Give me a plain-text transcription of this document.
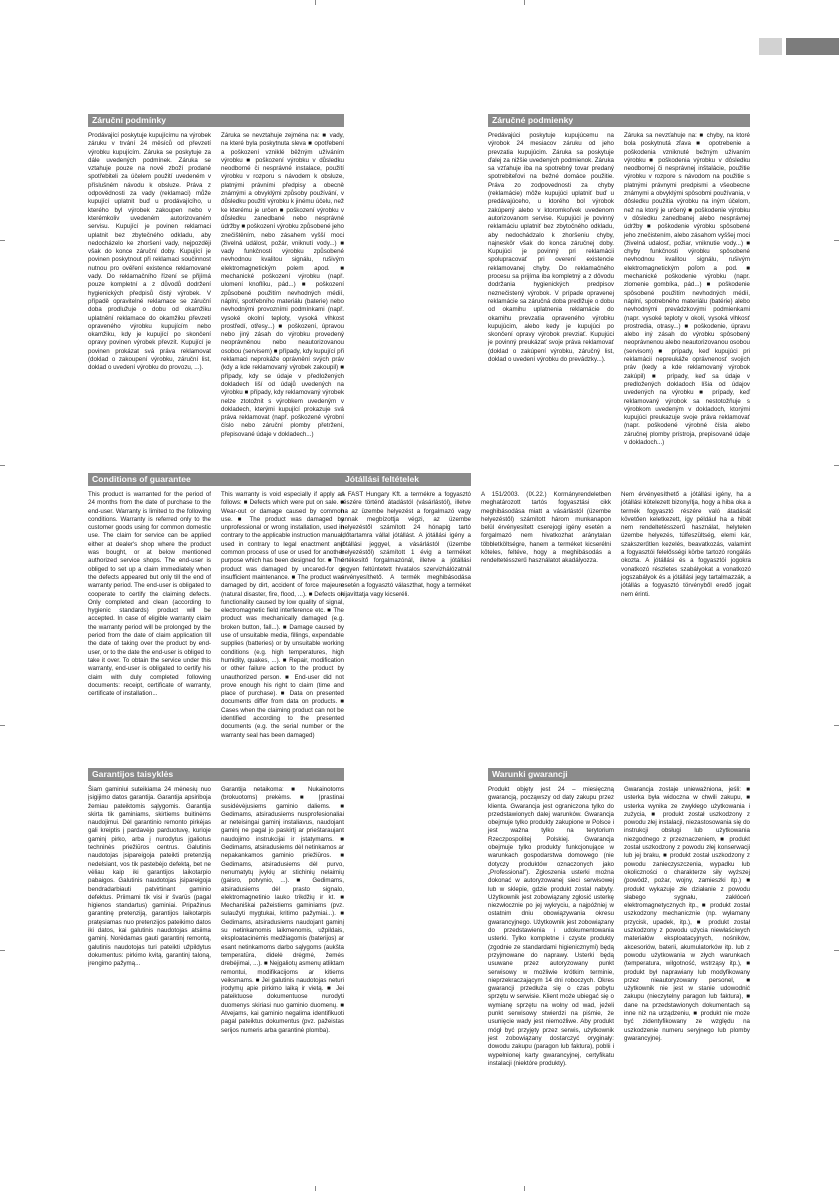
Záruční podmínky
Prodávající poskytuje kupujícímu na výrobek záruku v trvání 24 měsíců od převzetí výrobku kupujícím. Záruka se poskytuje za dále uvedených podmínek. Záruka se vztahuje pouze na nové zboží prodané spotřebiteli za účelem použití uvedeném v příslušném návodu k obsluze. Práva z odpovědnosti za vady (reklamaci) může kupující uplatnit buď u prodávajícího, u kterého byl výrobek zakoupen nebo v kterémkoliv uvedeném autorizovaném servisu. Kupující je povinen reklamaci uplatnit bez zbytečného odkladu, aby nedocházelo ke zhoršení vady, nejpozději však do konce záruční doby. Kupující je povinen poskytnout při reklamaci součinnost nutnou pro ověření existence reklamované vady. Do reklamačního řízení se přijímá pouze kompletní a z důvodů dodržení hygienických předpisů čistý výrobek. V případě opravitelné reklamace se záruční doba prodlužuje o dobu od okamžiku uplatnění reklamace do okamžiku převzetí opraveného výrobku kupujícím nebo okamžiku, kdy je kupující po skončení opravy povinen výrobek převzít. Kupující je povinen prokázat svá práva reklamovat (doklad o zakoupení výrobku, záruční list, doklad o uvedení výrobku do provozu, ...).
Záruka se nevztahuje zejména na: ■ vady, na které byla poskytnuta sleva ■ opotřebení a poškození vzniklé běžným užíváním výrobku ■ poškození výrobku v důsledku neodborné či nesprávné instalace, použití výrobku v rozporu s návodem k obsluze, platnými právními předpisy a obecně známými a obvyklými způsoby používání, v důsledku použití výrobku k jinému účelu, než ke kterému je určen ■ poškození výrobku v důsledku zanedbané nebo nesprávné údržby ■ poškození výrobku způsobené jeho znečištěním, nebo zásahem vyšší moci (živelná událost, požár, vniknutí vody...) ■ vady funkčnosti výrobku způsobené nevhodnou kvalitou signálu, rušivým elektromagnetickým polem apod. ■ mechanické poškození výrobku (např. ulomení knoflíku, pád...) ■ poškození způsobené použitím nevhodných médií, náplní, spotřebního materiálu (baterie) nebo nevhodnými provozními podmínkami (např. vysoké okolní teploty, vysoká vlhkost prostředí, otřesy...) ■ poškození, úpravou nebo jiný zásah do výrobku provedený neoprávněnou nebo neautorizovanou osobou (servisem) ■ případy, kdy kupující při reklamaci neprokáže oprávnění svých práv (kdy a kde reklamovaný výrobek zakoupil) ■ případy, kdy se údaje v předložených dokladech liší od údajů uvedených na výrobku ■ případy, kdy reklamovaný výrobek nelze ztotožnit s výrobkem uvedeným v dokladech, kterými kupující prokazuje svá práva reklamovat (např. poškozené výrobní číslo nebo záruční plomby přetržení, přepisované údaje v dokladech...)
Záručné podmienky
Predávajúci poskytuje kupujúcemu na výrobok 24 mesiacov záruku od jeho prevzatia kupujúcim. Záruka sa poskytuje ďalej za nižšie uvedených podmienok. Záruka sa vzťahuje iba na spotrebný tovar predaný spotrebiteľovi na bežné domáce použitie. Práva zo zodpovednosti za chyby (reklamácie) môže kupujúci uplatniť buď u predávajúceho, u ktorého bol výrobok zakúpený alebo v ktoromkoľvek uvedenom autorizovanom servise. Kupujúci je povinný reklamáciu uplatniť bez zbytočného odkladu, aby nedochádzalo k zhoršeniu chyby, najneskôr však do konca záručnej doby. Kupujúci je povinný pri reklamácii spolupracovať pri overení existencie reklamovanej chyby. Do reklamačného procesu sa prijíma iba kompletný a z dôvodu dodržania hygienických predpisov neznečistený výrobok. V prípade opravenej reklamácie sa záručná doba predlžuje o dobu od okamihu uplatnenia reklamácie do okamihu prevzatia opraveného výrobku kupujúcim, alebo kedy je kupujúci po skončení opravy výrobok prevziať. Kupujúci je povinný preukázať svoje práva reklamovať (doklad o zakúpení výrobku, záručný list, doklad o uvedení výrobku do prevádzky...).
Záruka sa nevzťahuje na: ■ chyby, na ktoré bola poskytnutá zľava ■ opotrebenie a poškodenia vzniknuté bežným užívaním výrobku ■ poškodenia výrobku v dôsledku neodbornej či nesprávnej inštalácie, použitie výrobku v rozpore s návodom na použitie s platnými právnymi predpismi a všeobecne známymi a obvyklými spôsobmi používania, v dôsledku použitia výrobku na iným účelom, než na ktorý je určený ■ poškodenie výrobku v dôsledku zanedbanej alebo nesprávnej údržby ■ poškodenie výrobku spôsobené jeho znečistením, alebo zásahom vyššej moci (živelná udalosť, požiar, vniknutie vody...) ■ chyby funkčnosti výrobku spôsobené nevhodnou kvalitou signálu, rušivým elektromagnetickým poľom a pod. ■ mechanické poškodenie výrobku (napr. zlomenie gombíka, pád...) ■ poškodenie spôsobené použitím nevhodných médií, náplní, spotrebného materiálu (batérie) alebo nevhodnými prevádzkovými podmienkami (napr. vysoké teploty v okolí, vysoká vlhkosť prostredia, otrasy...) ■ poškodenie, úpravu alebo iný zásah do výrobku spôsobený neoprávnenou alebo neautorizovanou osobou (servisom) ■ prípady, keď kupujúci pri reklamácii nepreukáže oprávnenosť svojich práv (kedy a kde reklamovaný výrobok zakúpil) ■ prípady, keď sa údaje v predložených dokladoch líšia od údajov uvedených na výrobku ■ prípady, keď reklamovaný výrobok sa nestotožňuje s výrobkom uvedeným v dokladoch, ktorými kupujúci preukazuje svoje práva reklamovať (napr. poškodené výrobné čísla alebo záručnej plomby prístroja, prepisované údaje v dokladoch...)
Conditions of guarantee
This product is warranted for the period of 24 months from the date of purchase to the end-user. Warranty is limited to the following conditions. Warranty is referred only to the customer goods using for common domestic use. The claim for service can be applied either at dealer's shop where the product was bought, or at below mentioned authorized service shops. The end-user is obliged to set up a claim immediately when the defects appeared but only till the end of warranty period. The end-user is obligated to cooperate to certify the claiming defects. Only completed and clean (according to hygienic standards) product will be accepted. In case of eligible warranty claim the warranty period will be prolonged by the period from the date of claim application till the date of taking over the product by end-user, or to the date the end-user is obliged to take it over. To obtain the service under this warranty, end-user is obligated to certify his claim with duly completed following documents: receipt, certificate of warranty, certificate of installation...
This warranty is void especially if apply as follows: ■ Defects which were put on sale. ■ Wear-out or damage caused by common use. ■ The product was damaged by unprofessional or wrong installation, used in contrary to the applicable instruction manual, used in contrary to legal enactment and common process of use or used for another purpose which has been designed for. ■ The product was damaged by uncared-for or insufficient maintenance. ■ The product was damaged by dirt, accident of force majeure (natural disaster, fire, flood, ...). ■ Defects on functionality caused by low quality of signal, electromagnetic field interference etc. ■ The product was mechanically damaged (e.g. broken button, fall...). ■ Damage caused by use of unsuitable media, fillings, expendable supplies (batteries) or by unsuitable working conditions (e.g. high temperatures, high humidity, quakes, ...). ■ Repair, modification or other failure action to the product by unauthorized person. ■ End-user did not prove enough his right to claim (time and place of purchase). ■ Data on presented documents differ from data on products. ■ Cases when the claiming product can not be identified according to the presented documents (e.g. the serial number or the warranty seal has been damaged)
Jótállási feltételek
A FAST Hungary Kft. a termékre a fogyasztó részére történő átadástól (vásárlástól), illetve ha az üzembe helyezést a forgalmazó vagy annak megbízottja végzi, az üzembe helyezéstől számított 24 hónapig tartó időtartamra vállal jótállást. A jótállási igény a jótállási jeggyel, a vásárlástól (üzembe helyezéstől) számított 1 évig a terméket értékesítő forgalmazónál, illetve a jótállási jegyen feltüntetett hivatalos szervizhálózatnál érvényesíthető. A termék meghibásodása esetén a fogyasztó választhat, hogy a terméket kijavíttatja vagy kicseréli.
A 151/2003. (IX.22.) Kormányrendeletben meghatározott tartós fogyasztási cikk meghibásodása miatt a vásárlástól (üzembe helyezéstől) számított három munkanapon belül érvényesített cserejogi igény esetén a forgalmazó nem hivatkozhat aránytalan többletköltségre, hanem a terméket kicserélni köteles, feltéve, hogy a meghibásodás a rendeltetésszerű használatot akadályozza.
Nem érvényesíthető a jótállási igény, ha a jótállási kötelezett bizonyítja, hogy a hiba oka a termék fogyasztó részére való átadását követően keletkezett, így például ha a hibát nem rendeltetésszerű használat, helytelen üzembe helyezés, túlfeszültség, elemi kár, szakszerűtlen kezelés, beavatkozás, valamint a fogyasztói felelősségi körbe tartozó rongálás okozta. A jótállási és a fogyasztói jogokra vonatkozó részletes szabályokat a vonatkozó jogszabályok és a jótállási jegy tartalmazzák, a jótállás a fogyasztó törvényből eredő jogait nem érinti.
Garantijos taisyklės
Šiam gaminiui suteikiama 24 mėnesių nuo įsigijimo datos garantija. Garantija apsiriboja žemiau pateiktomis sąlygomis. Garantija skirta tik gaminiams, skirtiems buitinėms naudojimui. Dėl garantinio remonto pirkėjas gali kreiptis į pardavėjo parduotuvę, kurioje gaminį pirko, arba į nurodytus įgaliotus techninės priežiūros centrus. Galutinis naudotojas įsipareigoja pateikti pretenziją nedelsiant, vos tik pastebėjo defektą, bet ne vėliau kaip iki garantijos laikotarpio pabaigos. Galutinis naudotojas įsipareigoja bendradarbiauti patvirtinant gaminio defektus. Priimami tik visi ir švarūs (pagal higienos standartus) gaminiai. Pripažinus garantinę pretenziją, garantijos laikotarpis pratęsiamas nuo pretenzijos pateikimo datos iki datos, kai galutinis naudotojas atsiima gaminį. Norėdamas gauti garantinį remontą, galutinis naudotojas turi pateikti užpildytus dokumentus: pirkimo kvitą, garantinį taloną, įrengimo pažymą...
Garantija netaikoma: ■ Nukainotoms (brokuotoms) prekėms. ■ Įprastinai susidėvėjusiems gaminio daliems. ■ Gedimams, atsiradusiems nusprofesionaliai ar neteisingai gaminį instaliavus, naudojant gaminį ne pagal jo paskirtį ar prieštaraujant naudojimo instrukcijai ir įstatymams. ■ Gedimams, atsiradusiems dėl netinkamos ar nepakankamos gaminio priežiūros. ■ Gedimams, atsiradusiems dėl purvo, nenumatytų įvykių ar stichinių nelaimių (gaisro, potvynio, ...). ■ Gedimams, atsiradusiems dėl prasto signalo, elektromagnetinio lauko trikdžių ir kt. ■ Mechaniškai pažeistiems gaminiams (pvz. sulaužyti mygtukai, kritimo pažymiai...). ■ Gedimams, atsiradusiems naudojant gaminį su netinkamomis laikmenomis, užpildais, eksploatacinėmis medžiagomis (baterijos) ar esant netinkamoms darbo sąlygoms (aukšta temperatūra, didelė drėgmė, žemės drebėjimai, ...). ■ Neįgaliotų asmenų atliktam remontui, modifikacijoms ar kitiems veiksmams. ■ Jei galutinis naudotojas neturi įrodymų apie pirkimo laiką ir vietą. ■ Jei pateiktuose dokumentuose nurodyti duomenys skiriasi nuo gaminio duomenų. ■ Atvejams, kai gaminio negalima identifikuoti pagal pateiktus dokumentus (pvz. pažeistas serijos numeris arba garantinė plomba).
Warunki gwarancji
Produkt objęty jest 24 – miesięczną gwarancją, począwszy od daty zakupu przez klienta. Gwarancja jest ograniczona tylko do przedstawionych dalej warunków. Gwarancja obejmuje tylko produkty zakupione w Polsce i jest ważna tylko na terytorium Rzeczpospolitej Polskiej. Gwarancja obejmuje tylko produkty funkcjonujące w warunkach gospodarstwa domowego (nie dotyczy produktów oznaczonych jako „Professional”). Zgłoszenia usterki można dokonać w autoryzowanej sieci serwisowej lub w sklepie, gdzie produkt został nabyty. Użytkownik jest zobowiązany zgłosić usterkę niezwłocznie po jej wykryciu, a najpóźniej w ostatnim dniu obowiązywania okresu gwarancyjnego. Użytkownik jest zobowiązany do przedstawienia i udokumentowania usterki. Tylko kompletne i czyste produkty (zgodnie ze standardami higienicznymi) będą przyjmowane do naprawy. Usterki będą usuwane przez autoryzowany punkt serwisowy w możliwie krótkim terminie, nieprzekraczającym 14 dni roboczych. Okres gwarancji przedłuża się o czas pobytu sprzętu w serwisie. Klient może ubiegać się o wymianę sprzętu na wolny od wad, jeżeli punkt serwisowy stwierdzi na piśmie, że usunięcie wady jest niemożliwe. Aby produkt mógł być przyjęty przez serwis, użytkownik jest zobowiązany dostarczyć oryginały: dowodu zakupu (paragon lub faktura), poblii i wypełnionej karty gwarancyjnej, certyfikatu instalacji (niektóre produkty).
Gwarancja zostaje unieważniona, jeśli: ■ usterka była widoczna w chwili zakupu, ■ usterka wynika ze zwykłego użytkowania i zużycia, ■ produkt został uszkodzony z powodu złej instalacji, niezastosowania się do instrukcji obsługi lub użytkowania niezgodnego z przeznaczeniem, ■ produkt został uszkodzony z powodu złej konserwacji lub jej braku, ■ produkt został uszkodzony z powodu zanieczyszczenia, wypadku lub okoliczności o charakterze siły wyższej (powódź, pożar, wojny, zamieszki itp.) ■ produkt wykazuje złe działanie z powodu słabego sygnału, zakłóceń elektromagnetycznych itp., ■ produkt został uszkodzony mechanicznie (np. wyłamany przycisk, upadek, itp.), ■ produkt został uszkodzony z powodu użycia niewłaściwych materiałów eksploatacyjnych, nośników, akcesoriów, baterii, akumulatorków itp. lub z powodu użytkowania w złych warunkach (temperatura, wilgotność, wstrząsy itp.), ■ produkt był naprawiany lub modyfikowany przez nieautoryzowany personel, ■ użytkownik nie jest w stanie udowodnić zakupu (nieczytelny paragon lub faktura), ■ dane na przedstawionych dokumentach są inne niż na urządzeniu, ■ produkt nie może być zidentyfikowany ze względu na uszkodzenie numeru seryjnego lub plomby gwarancyjnej.
